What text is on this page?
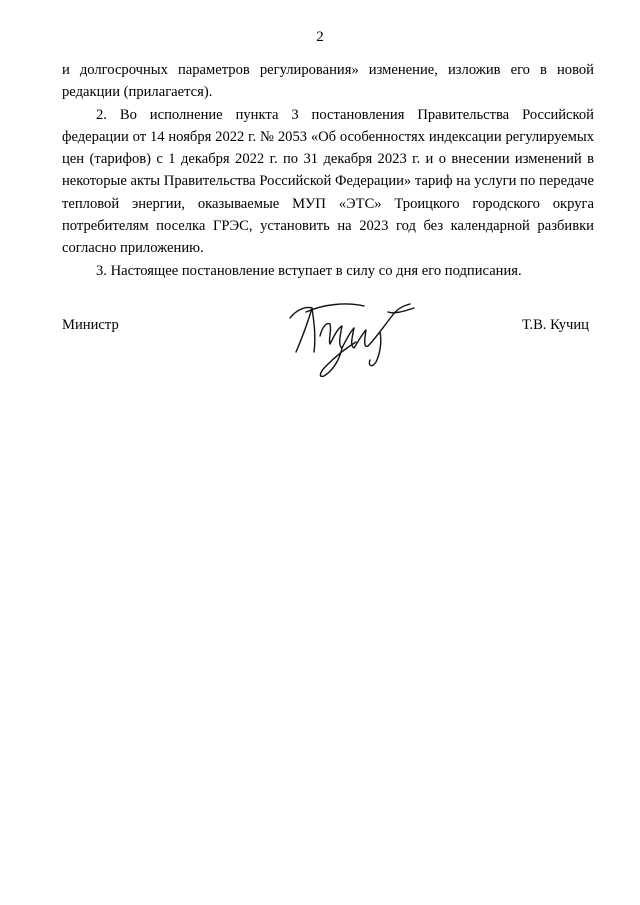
2

и долгосрочных параметров регулирования» изменение, изложив его в новой редакции (прилагается).

2. Во исполнение пункта 3 постановления Правительства Российской федерации от 14 ноября 2022 г. № 2053 «Об особенностях индексации регулируемых цен (тарифов) с 1 декабря 2022 г. по 31 декабря 2023 г. и о внесении изменений в некоторые акты Правительства Российской Федерации» тариф на услуги по передаче тепловой энергии, оказываемые МУП «ЭТС» Троицкого городского округа потребителям поселка ГРЭС, установить на 2023 год без календарной разбивки согласно приложению.

3. Настоящее постановление вступает в силу со дня его подписания.

Министр	Т.В. Кучиц
